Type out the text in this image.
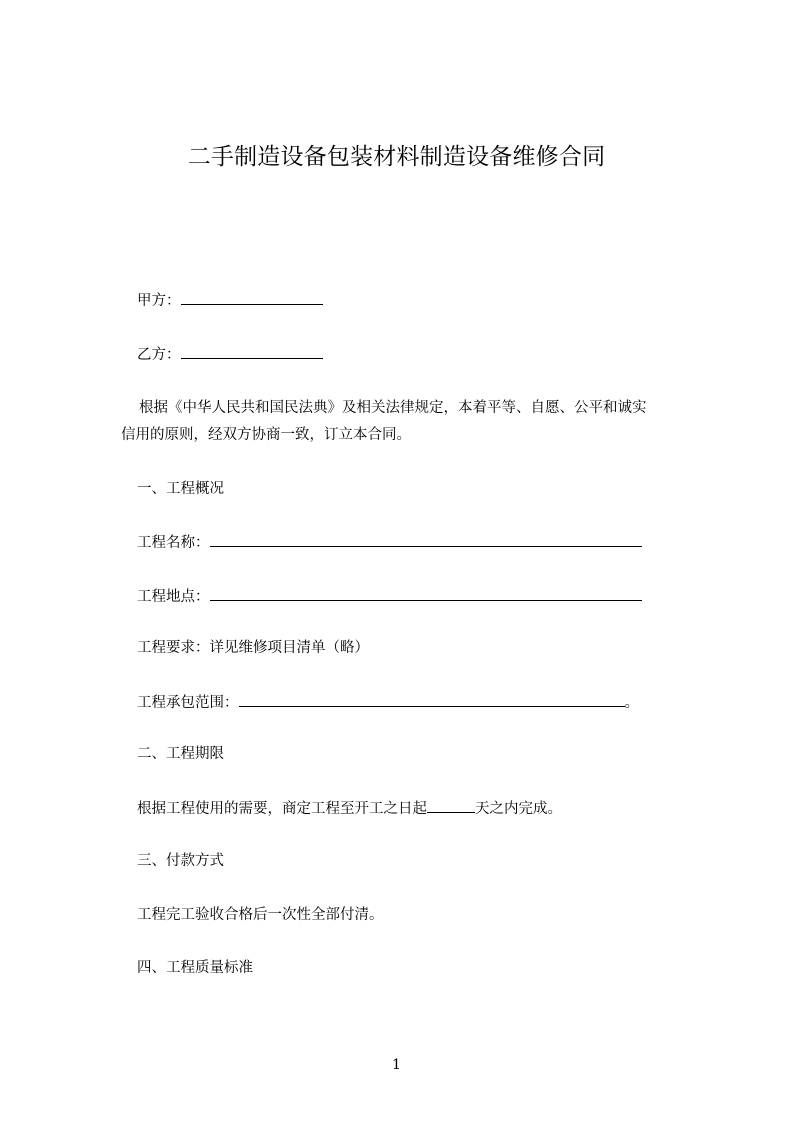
二手制造设备包装材料制造设备维修合同
甲方：
乙方：
根据《中华人民共和国民法典》及相关法律规定，本着平等、自愿、公平和诚实
信用的原则，经双方协商一致，订立本合同。
一、工程概况
工程名称：
工程地点：
工程要求：详见维修项目清单（略）
工程承包范围：	。
二、工程期限
根据工程使用的需要，商定工程至开工之日起	天之内完成。
三、付款方式
工程完工验收合格后一次性全部付清。
四、工程质量标准
1
